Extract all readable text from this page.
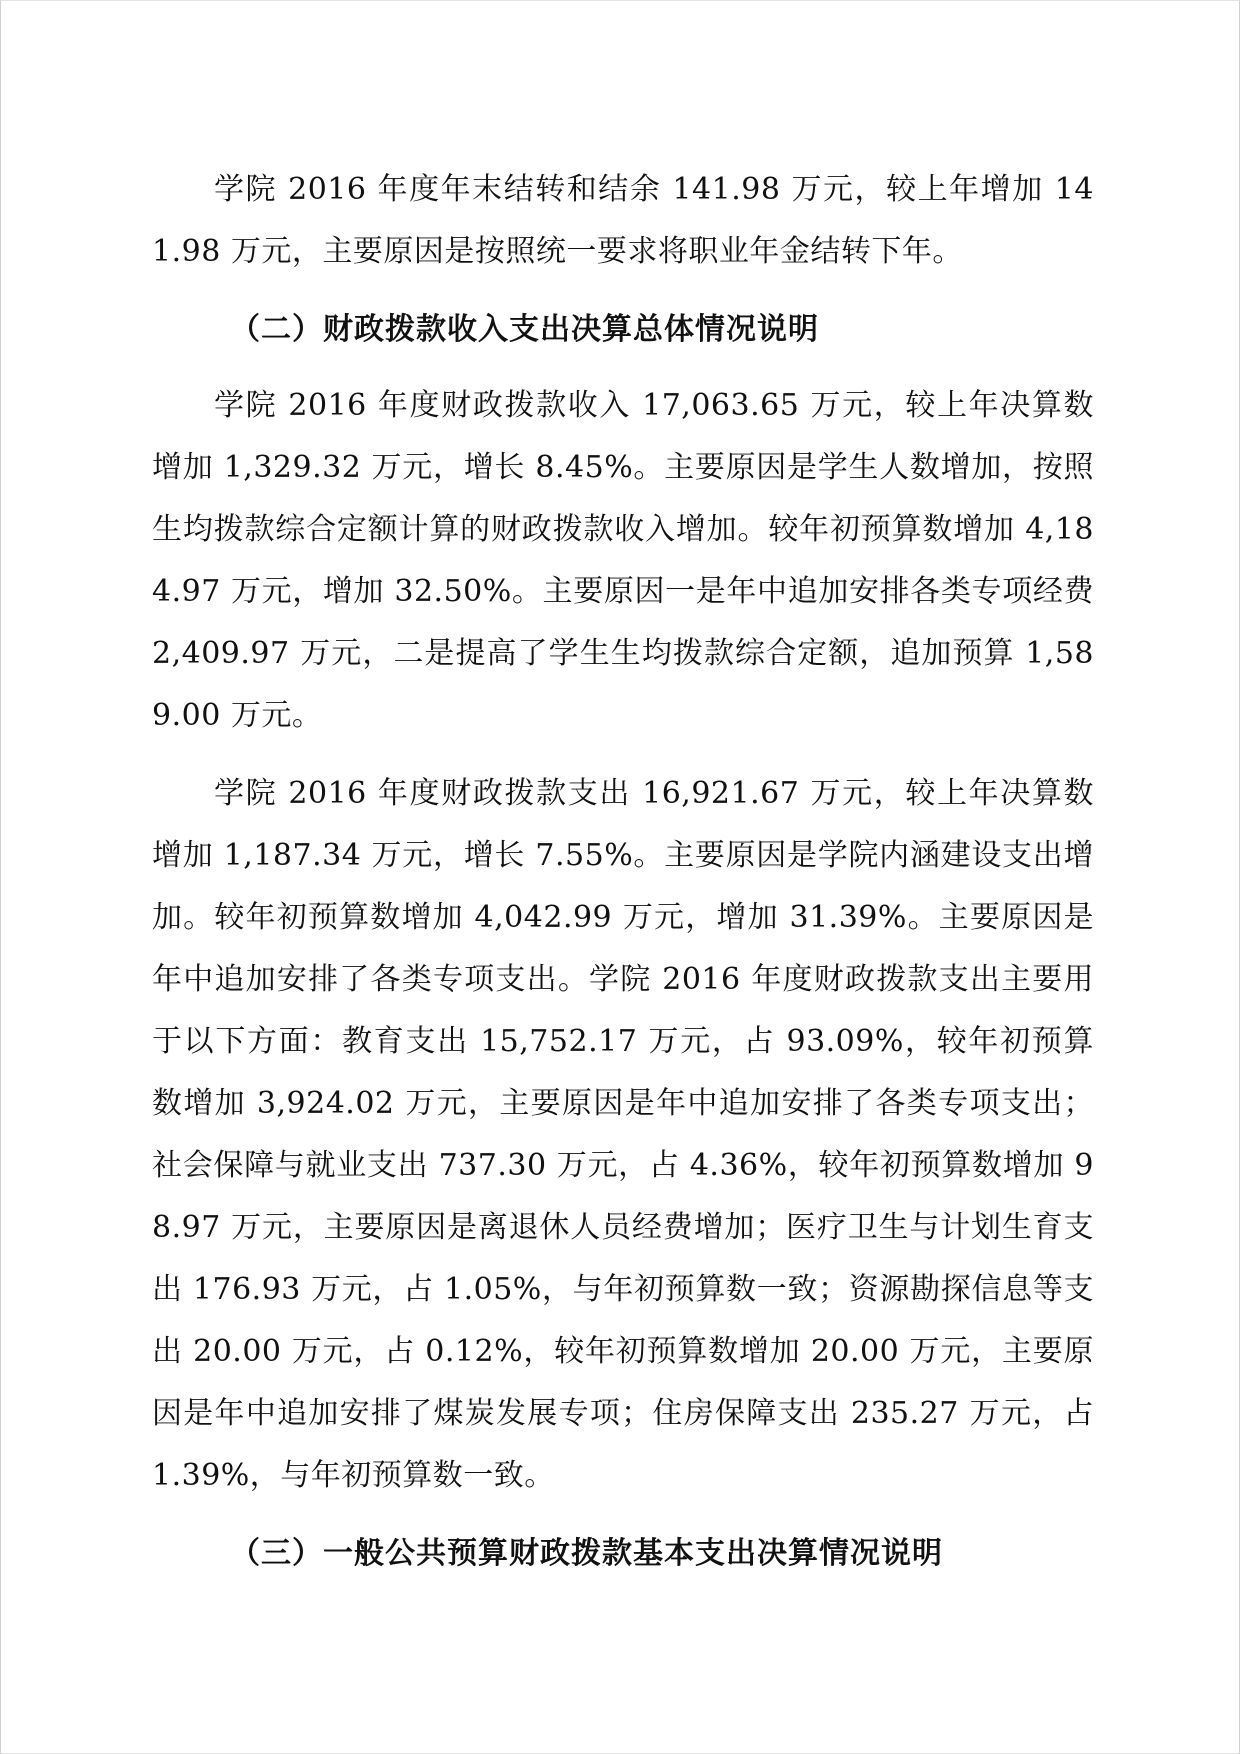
学院 2016 年度年末结转和结余 141.98 万元，较上年增加 141.98 万元，主要原因是按照统一要求将职业年金结转下年。

（二）财政拨款收入支出决算总体情况说明

学院 2016 年度财政拨款收入 17,063.65 万元，较上年决算数增加 1,329.32 万元，增长 8.45%。主要原因是学生人数增加，按照生均拨款综合定额计算的财政拨款收入增加。较年初预算数增加 4,184.97 万元，增加 32.50%。主要原因一是年中追加安排各类专项经费 2,409.97 万元，二是提高了学生生均拨款综合定额，追加预算 1,589.00 万元。

学院 2016 年度财政拨款支出 16,921.67 万元，较上年决算数增加 1,187.34 万元，增长 7.55%。主要原因是学院内涵建设支出增加。较年初预算数增加 4,042.99 万元，增加 31.39%。主要原因是年中追加安排了各类专项支出。学院 2016 年度财政拨款支出主要用于以下方面：教育支出 15,752.17 万元，占 93.09%，较年初预算数增加 3,924.02 万元，主要原因是年中追加安排了各类专项支出；社会保障与就业支出 737.30 万元，占 4.36%，较年初预算数增加 98.97 万元，主要原因是离退休人员经费增加；医疗卫生与计划生育支出 176.93 万元，占 1.05%，与年初预算数一致；资源勘探信息等支出 20.00 万元，占 0.12%，较年初预算数增加 20.00 万元，主要原因是年中追加安排了煤炭发展专项；住房保障支出 235.27 万元，占 1.39%，与年初预算数一致。

（三）一般公共预算财政拨款基本支出决算情况说明
